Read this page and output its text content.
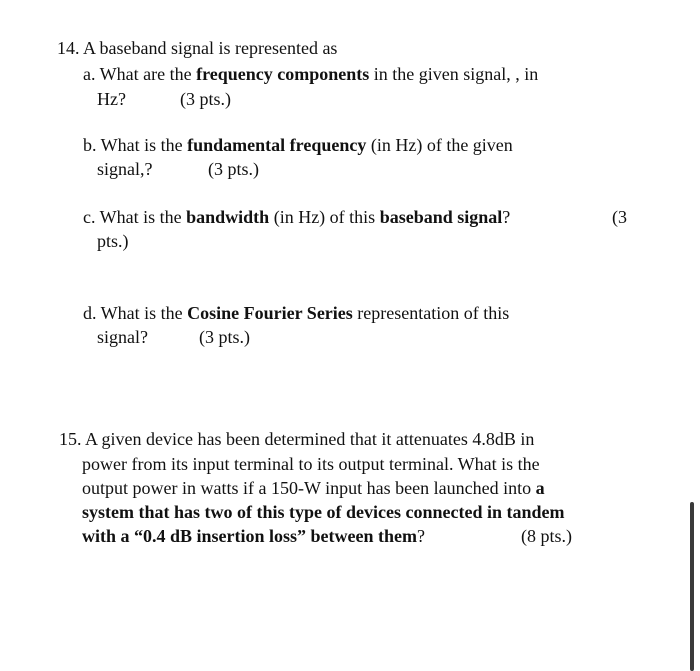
14. A baseband signal is represented as
a. What are the frequency components in the given signal, , in
Hz?	(3 pts.)
b. What is the fundamental frequency (in Hz) of the given
signal,?	(3 pts.)
c. What is the bandwidth (in Hz) of this baseband signal?	(3
pts.)
d. What is the Cosine Fourier Series representation of this
signal?	(3 pts.)
15. A given device has been determined that it attenuates 4.8dB in
power from its input terminal to its output terminal. What is the
output power in watts if a 150-W input has been launched into a
system that has two of this type of devices connected in tandem
with a “0.4 dB insertion loss” between them?	(8 pts.)
